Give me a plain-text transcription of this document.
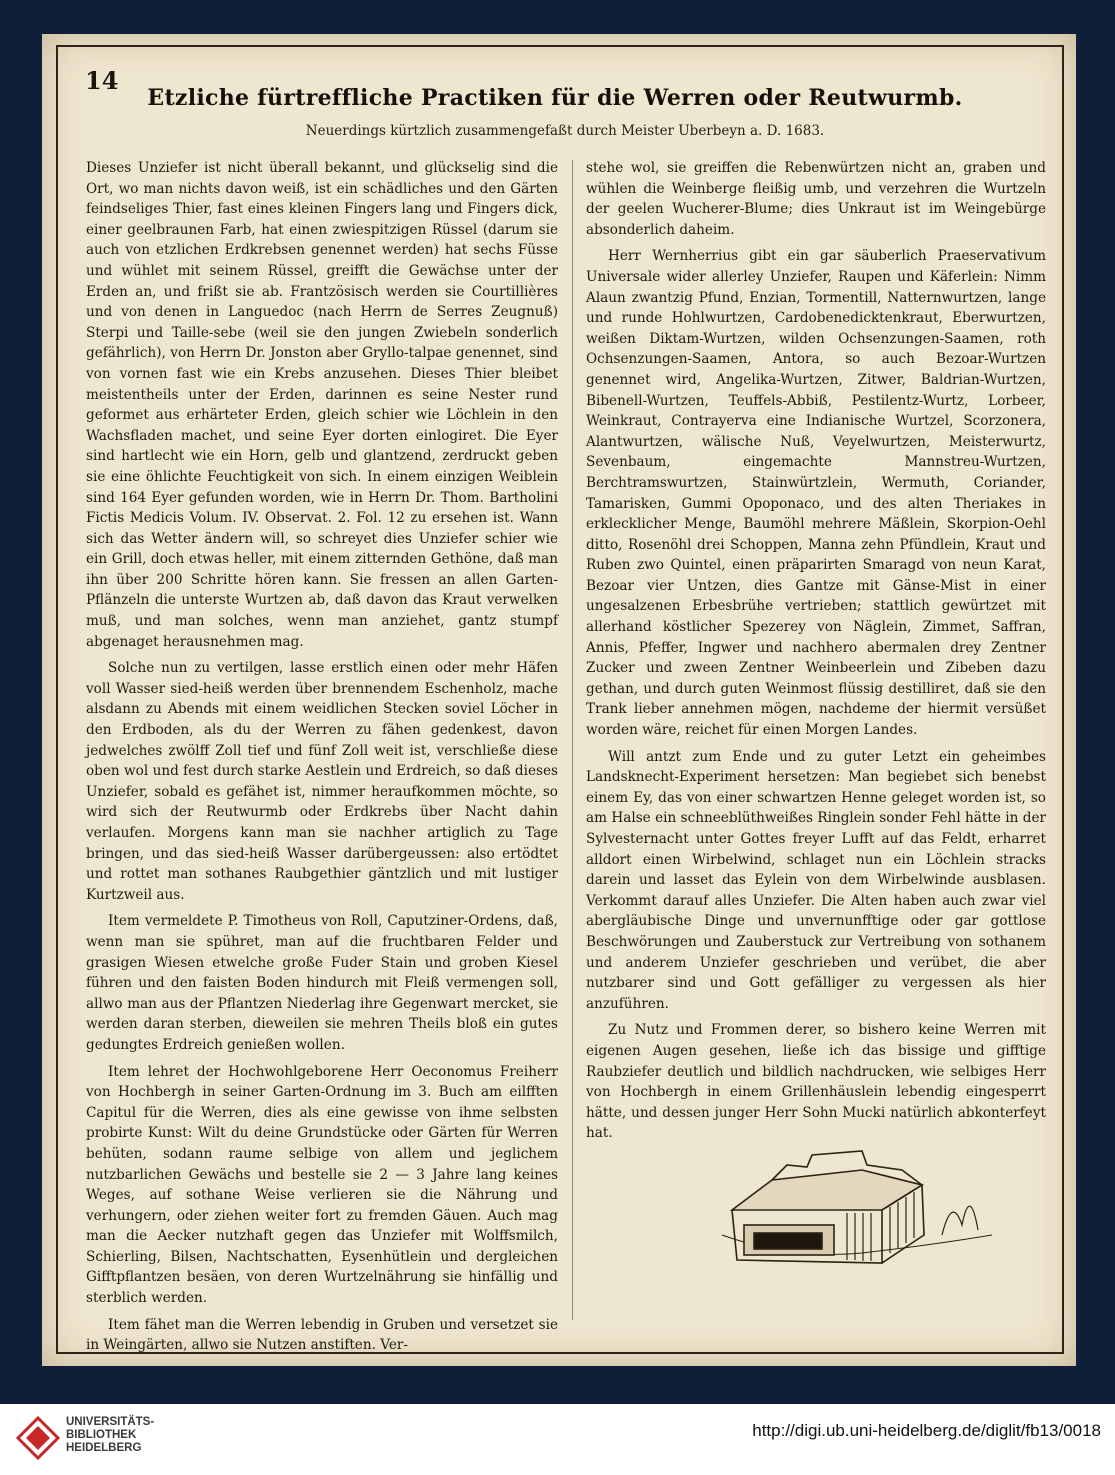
14
Etzliche fürtreffliche Practiken für die Werren oder Reutwurmb.
Neuerdings kürtzlich zusammengefaßt durch Meister Uberbeyn a. D. 1683.

Dieses Unziefer ist nicht überall bekannt, und glückselig sind die Ort, wo man nichts davon weiß, ist ein schädliches und den Gärten feindseliges Thier, fast eines kleinen Fingers lang und Fingers dick, einer geelbraunen Farb, hat einen zwiespitzigen Rüssel (darum sie auch von etzlichen Erdkrebsen genennet werden) hat sechs Füsse und wühlet mit seinem Rüssel, greifft die Gewächse unter der Erden an, und frißt sie ab. Frantzösisch werden sie Courtillières und von denen in Languedoc (nach Herrn de Serres Zeugnuß) Sterpi und Taille-sebe (weil sie den jungen Zwiebeln sonderlich gefährlich), von Herrn Dr. Jonston aber Gryllo-talpae genennet, sind von vornen fast wie ein Krebs anzusehen. Dieses Thier bleibet meistentheils unter der Erden, darinnen es seine Nester rund geformet aus erhärteter Erden, gleich schier wie Löchlein in den Wachsfladen machet, und seine Eyer dorten einlogiret. Die Eyer sind hartlecht wie ein Horn, gelb und glantzend, zerdruckt geben sie eine öhlichte Feuchtigkeit von sich. In einem einzigen Weiblein sind 164 Eyer gefunden worden, wie in Herrn Dr. Thom. Bartholini Fictis Medicis Volum. IV. Observat. 2. Fol. 12 zu ersehen ist. Wann sich das Wetter ändern will, so schreyet dies Unziefer schier wie ein Grill, doch etwas heller, mit einem zitternden Gethöne, daß man ihn über 200 Schritte hören kann. Sie fressen an allen Garten-Pflänzeln die unterste Wurtzen ab, daß davon das Kraut verwelken muß, und man solches, wenn man anziehet, gantz stumpf abgenaget herausnehmen mag.

Solche nun zu vertilgen, lasse erstlich einen oder mehr Häfen voll Wasser sied-heiß werden über brennendem Eschenholz, mache alsdann zu Abends mit einem weidlichen Stecken soviel Löcher in den Erdboden, als du der Werren zu fähen gedenkest, davon jedwelches zwölff Zoll tief und fünf Zoll weit ist, verschließe diese oben wol und fest durch starke Aestlein und Erdreich, so daß dieses Unziefer, sobald es gefähet ist, nimmer heraufkommen möchte, so wird sich der Reutwurmb oder Erdkrebs über Nacht dahin verlaufen. Morgens kann man sie nachher artiglich zu Tage bringen, und das sied-heiß Wasser darübergeussen: also ertödtet und rottet man sothanes Raubgethier gäntzlich und mit lustiger Kurtzweil aus.

Item vermeldete P. Timotheus von Roll, Caputziner-Ordens, daß, wenn man sie spühret, man auf die fruchtbaren Felder und grasigen Wiesen etwelche große Fuder Stain und groben Kiesel führen und den faisten Boden hindurch mit Fleiß vermengen soll, allwo man aus der Pflantzen Niederlag ihre Gegenwart mercket, sie werden daran sterben, dieweilen sie mehren Theils bloß ein gutes gedungtes Erdreich genießen wollen.

Item lehret der Hochwohlgeborene Herr Oeconomus Freiherr von Hochbergh in seiner Garten-Ordnung im 3. Buch am eilfften Capitul für die Werren, dies als eine gewisse von ihme selbsten probirte Kunst: Wilt du deine Grundstücke oder Gärten für Werren behüten, sodann raume selbige von allem und jeglichem nutzbarlichen Gewächs und bestelle sie 2 — 3 Jahre lang keines Weges, auf sothane Weise verlieren sie die Nährung und verhungern, oder ziehen weiter fort zu fremden Gäuen. Auch mag man die Aecker nutzhaft gegen das Unziefer mit Wolffsmilch, Schierling, Bilsen, Nachtschatten, Eysenhütlein und dergleichen Gifftpflantzen besäen, von deren Wurtzelnährung sie hinfällig und sterblich werden.

Item fähet man die Werren lebendig in Gruben und versetzet sie in Weingärten, allwo sie Nutzen anstiften. Ver-

stehe wol, sie greiffen die Rebenwürtzen nicht an, graben und wühlen die Weinberge fleißig umb, und verzehren die Wurtzeln der geelen Wucherer-Blume; dies Unkraut ist im Weingebürge absonderlich daheim.

Herr Wernherrius gibt ein gar säuberlich Praeservativum Universale wider allerley Unziefer, Raupen und Käferlein: Nimm Alaun zwantzig Pfund, Enzian, Tormentill, Natternwurtzen, lange und runde Hohlwurtzen, Cardobenedicktenkraut, Eberwurtzen, weißen Diktam-Wurtzen, wilden Ochsenzungen-Saamen, roth Ochsenzungen-Saamen, Antora, so auch Bezoar-Wurtzen genennet wird, Angelika-Wurtzen, Zitwer, Baldrian-Wurtzen, Bibenell-Wurtzen, Teuffels-Abbiß, Pestilentz-Wurtz, Lorbeer, Weinkraut, Contrayerva eine Indianische Wurtzel, Scorzonera, Alantwurtzen, wälische Nuß, Veyelwurtzen, Meisterwurtz, Sevenbaum, eingemachte Mannstreu-Wurtzen, Berchtramswurtzen, Stainwürtzlein, Wermuth, Coriander, Tamarisken, Gummi Opoponaco, und des alten Theriakes in erklecklicher Menge, Baumöhl mehrere Mäßlein, Skorpion-Oehl ditto, Rosenöhl drei Schoppen, Manna zehn Pfündlein, Kraut und Ruben zwo Quintel, einen präparirten Smaragd von neun Karat, Bezoar vier Untzen, dies Gantze mit Gänse-Mist in einer ungesalzenen Erbesbrühe vertrieben; stattlich gewürtzet mit allerhand köstlicher Spezerey von Näglein, Zimmet, Saffran, Annis, Pfeffer, Ingwer und nachhero abermalen drey Zentner Zucker und zween Zentner Weinbeerlein und Zibeben dazu gethan, und durch guten Weinmost flüssig destilliret, daß sie den Trank lieber annehmen mögen, nachdeme der hiermit versüßet worden wäre, reichet für einen Morgen Landes.

Will antzt zum Ende und zu guter Letzt ein geheimbes Landsknecht-Experiment hersetzen: Man begiebet sich benebst einem Ey, das von einer schwartzen Henne geleget worden ist, so am Halse ein schneeblüthweißes Ringlein sonder Fehl hätte in der Sylvesternacht unter Gottes freyer Lufft auf das Feldt, erharret alldort einen Wirbelwind, schlaget nun ein Löchlein stracks darein und lasset das Eylein von dem Wirbelwinde ausblasen. Verkommt darauf alles Unziefer. Die Alten haben auch zwar viel abergläubische Dinge und unvernunfftige oder gar gottlose Beschwörungen und Zauberstuck zur Vertreibung von sothanem und anderem Unziefer geschrieben und verübet, die aber nutzbarer sind und Gott gefälliger zu vergessen als hier anzuführen.

Zu Nutz und Frommen derer, so bishero keine Werren mit eigenen Augen gesehen, ließe ich das bissige und gifftige Raubziefer deutlich und bildlich nachdrucken, wie selbiges Herr von Hochbergh in einem Grillenhäuslein lebendig eingesperrt hätte, und dessen junger Herr Sohn Mucki natürlich abkonterfeyt hat.

UNIVERSITÄTS-
BIBLIOTHEK
HEIDELBERG
http://digi.ub.uni-heidelberg.de/diglit/fb13/0018
